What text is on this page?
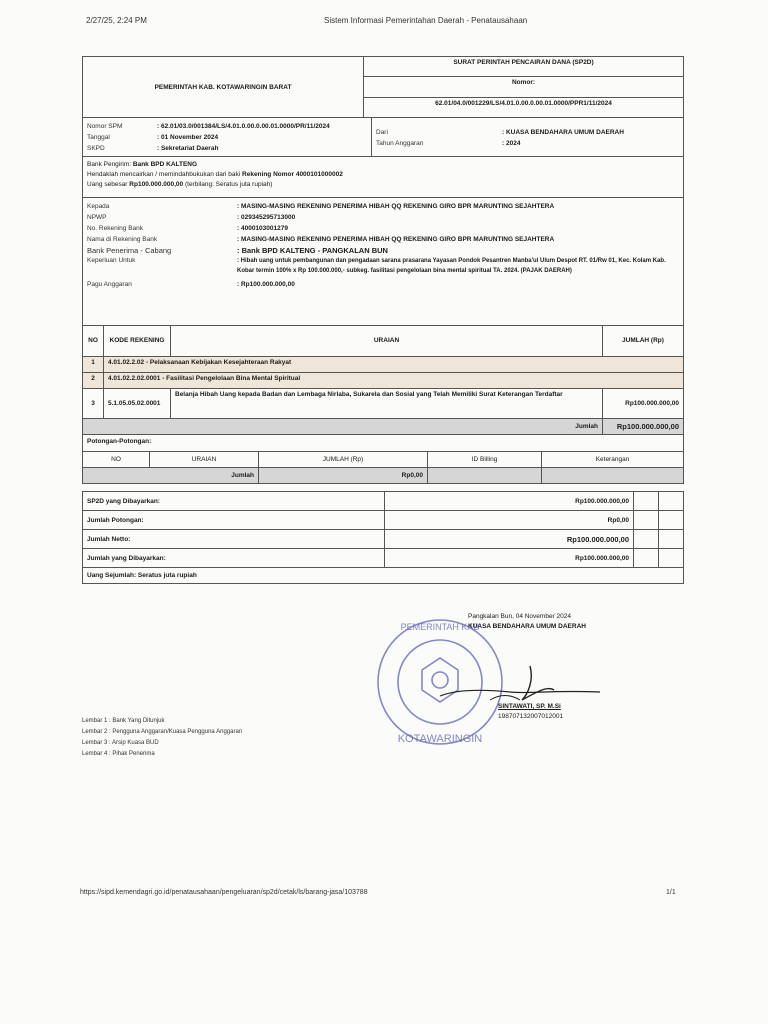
2/27/25, 2:24 PM	Sistem Informasi Pemerintahan Daerah - Penatausahaan
PEMERINTAH KAB. KOTAWARINGIN BARAT	SURAT PERINTAH PENCAIRAN DANA (SP2D)
Nomor:
62.01/04.0/001229/LS/4.01.0.00.0.00.01.0000/PPR1/11/2024
Nomor SPM	: 62.01/03.0/001384/LS/4.01.0.00.0.00.01.0000/PR/11/2024
Tanggal	: 01 November 2024
SKPD	: Sekretariat Daerah
Dari	: KUASA BENDAHARA UMUM DAERAH
Tahun Anggaran	: 2024
Bank Pengirim: Bank BPD KALTENG
Hendaklah mencairkan / memindahbukukan dari baki Rekening Nomor 4000101000002
Uang sebesar Rp100.000.000,00 (terbilang: Seratus juta rupiah)
Kepada	: MASING-MASING REKENING PENERIMA HIBAH QQ REKENING GIRO BPR MARUNTING SEJAHTERA
NPWP	: 029345295713000
No. Rekening Bank	: 4000103001279
Nama di Rekening Bank	: MASING-MASING REKENING PENERIMA HIBAH QQ REKENING GIRO BPR MARUNTING SEJAHTERA
Bank Penerima - Cabang	: Bank BPD KALTENG - PANGKALAN BUN
Keperluan Untuk	: Hibah uang untuk pembangunan dan pengadaan sarana prasarana Yayasan Pondok Pesantren Manba'ul Ulum Despot RT. 01/Rw 01, Kec. Kolam Kab. Kobar termin 100% x Rp 100.000.000,- subkeg. fasilitasi pengelolaan bina mental spiritual TA. 2024. (PAJAK DAERAH)
Pagu Anggaran	: Rp100.000.000,00
NO	KODE REKENING	URAIAN	JUMLAH (Rp)
1	4.01.02.2.02 - Pelaksanaan Kebijakan Kesejahteraan Rakyat		
2	4.01.02.2.02.0001 - Fasilitasi Pengelolaan Bina Mental Spiritual		
3	5.1.05.05.02.0001	Belanja Hibah Uang kepada Badan dan Lembaga Nirlaba, Sukarela dan Sosial yang Telah Memiliki Surat Keterangan Terdaftar	Rp100.000.000,00
Jumlah			Rp100.000.000,00
Potongan-Potongan:
NO	URAIAN	JUMLAH (Rp)	ID Billing	Keterangan
Jumlah		Rp0,00		
SP2D yang Dibayarkan:	Rp100.000.000,00		
Jumlah Potongan:	Rp0,00		
Jumlah Netto:	Rp100.000.000,00		
Jumlah yang Dibayarkan:	Rp100.000.000,00		
Uang Sejumlah: Seratus juta rupiah			
Pangkalan Bun, 04 November 2024
KUASA BENDAHARA UMUM DAERAH
PEMERINTAH KAB
KOTAWARINGIN
SINTAWATI, SP. M.Si
198707132007012001
Lembar 1 : Bank Yang Ditunjuk
Lembar 2 : Pengguna Anggaran/Kuasa Pengguna Anggaran
Lembar 3 : Arsip Kuasa BUD
Lembar 4 : Pihak Penerima
https://sipd.kemendagri.go.id/penatausahaan/pengeluaran/sp2d/cetak/ls/barang-jasa/103788	1/1
